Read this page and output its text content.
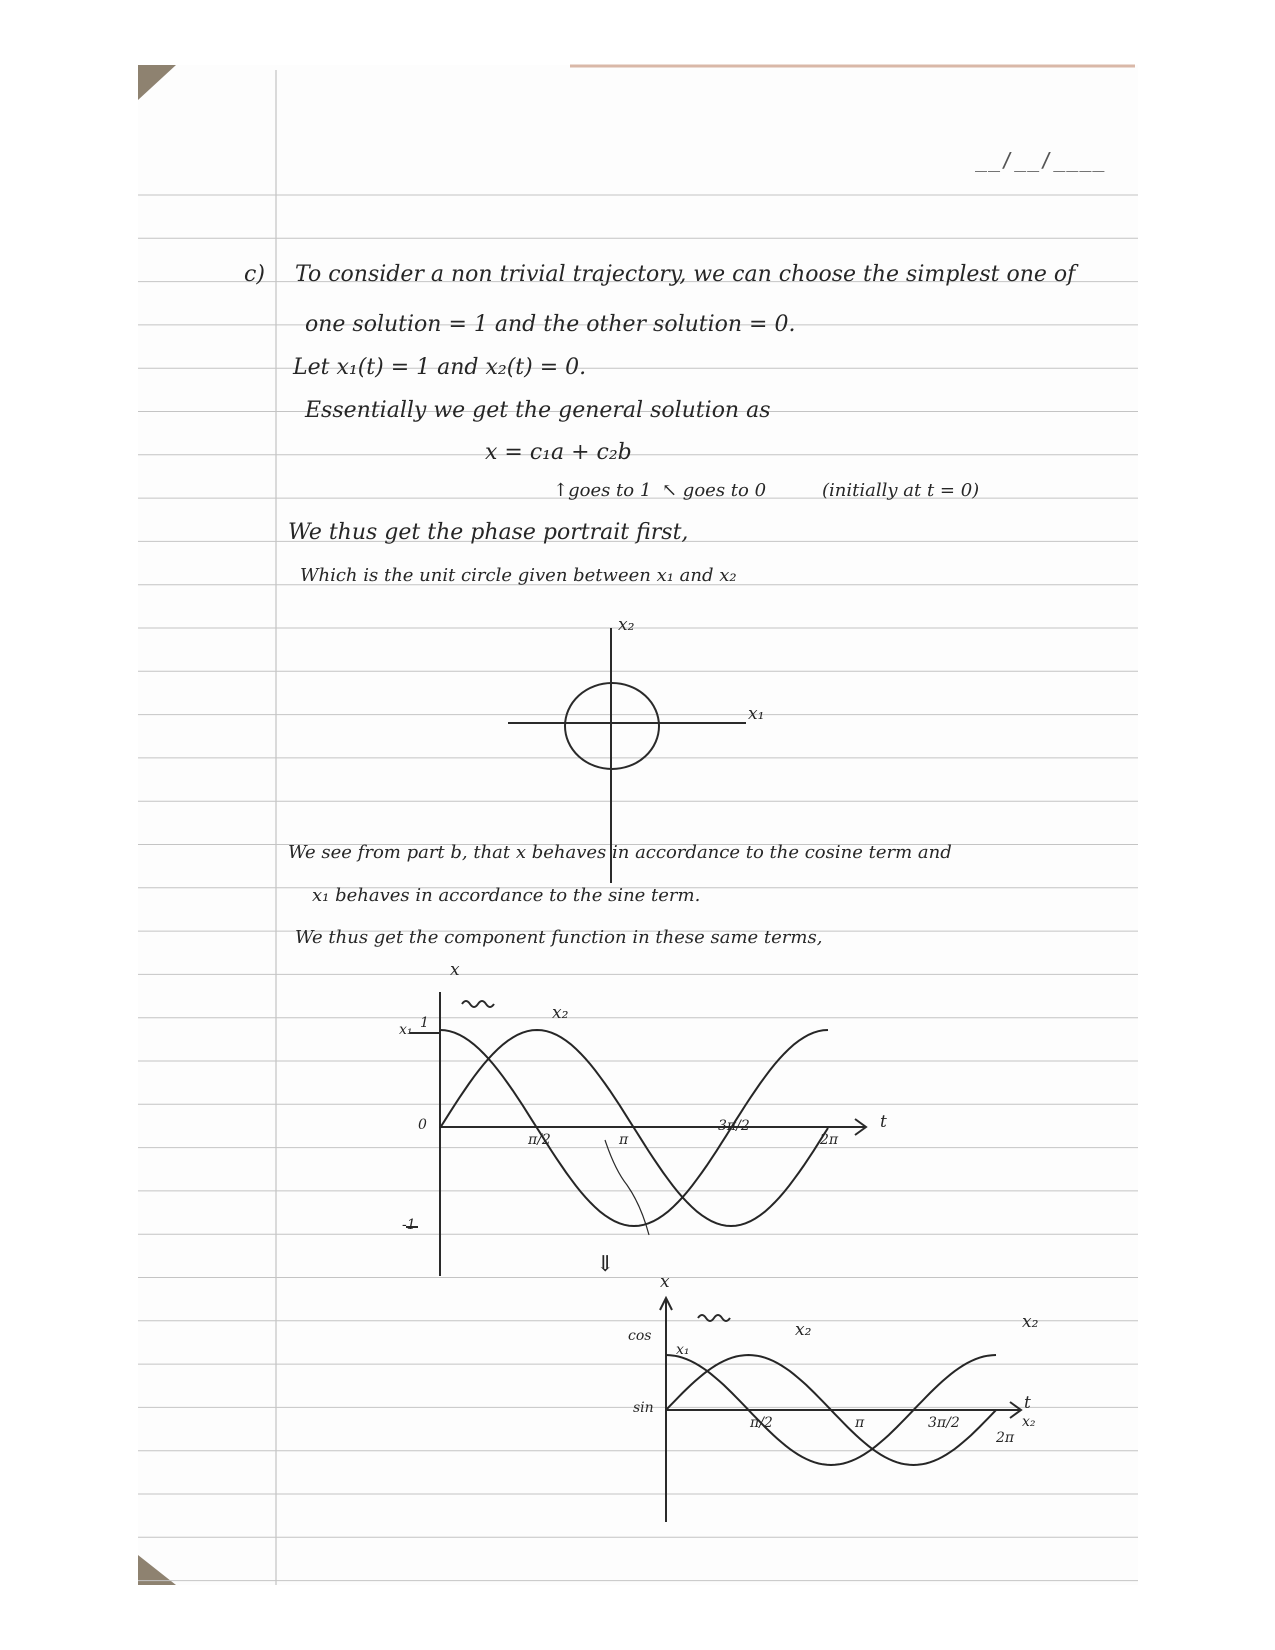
__/__/____
c) To consider a non trivial trajectory, we can choose the simplest one of
one solution = 1 and the other solution = 0.
Let x₁(t) = 1 and x₂(t) = 0.
Essentially we get the general solution as
x = c₁a + c₂b
↑goes to 1 ↖ goes to 0	(initially at t = 0)
We thus get the phase portrait first,
Which is the unit circle given between x₁ and x₂
x₂
x₁
We see from part b, that x behaves in accordance to the cosine term and
x₁ behaves in accordance to the sine term.
We thus get the component function in these same terms,
x
t
1
0
-1
x₁
x₂
π/2	π
3π/2
2π
⇓
x
t
cos
sin
x₁
x₂	x₂
x₂
π/2	π	3π/2
2π
